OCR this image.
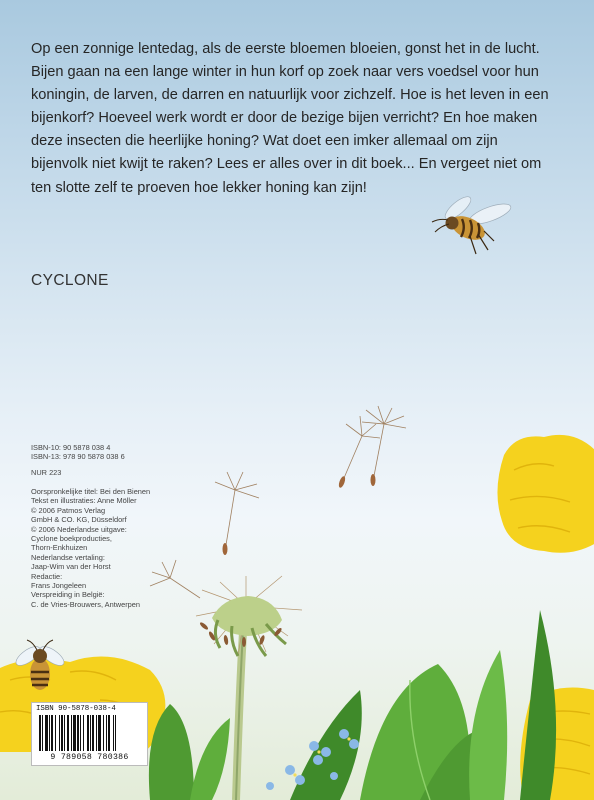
Op een zonnige lentedag, als de eerste bloemen bloeien, gonst het in de lucht. Bijen gaan na een lange winter in hun korf op zoek naar vers voedsel voor hun koningin, de larven, de darren en natuurlijk voor zichzelf. Hoe is het leven in een bijenkorf? Hoeveel werk wordt er door de bezige bijen verricht? En hoe maken deze insecten die heerlijke honing? Wat doet een imker allemaal om zijn bijenvolk niet kwijt te raken? Lees er alles over in dit boek... En vergeet niet om ten slotte zelf te proeven hoe lekker honing kan zijn!

CYCLONE

ISBN-10: 90 5878 038 4
ISBN-13: 978 90 5878 038 6

NUR 223

Oorspronkelijke titel: Bei den Bienen
Tekst en illustraties: Anne Möller
© 2006 Patmos Verlag
GmbH & CO. KG, Düsseldorf
© 2006 Nederlandse uitgave:
Cyclone boekproducties,
Thorn-Enkhuizen
Nederlandse vertaling:
Jaap-Wim van der Horst
Redactie:
Frans Jongeleen
Verspreiding in België:
C. de Vries-Brouwers, Antwerpen
ISBN 90-5878-038-4
9 789058 780386
